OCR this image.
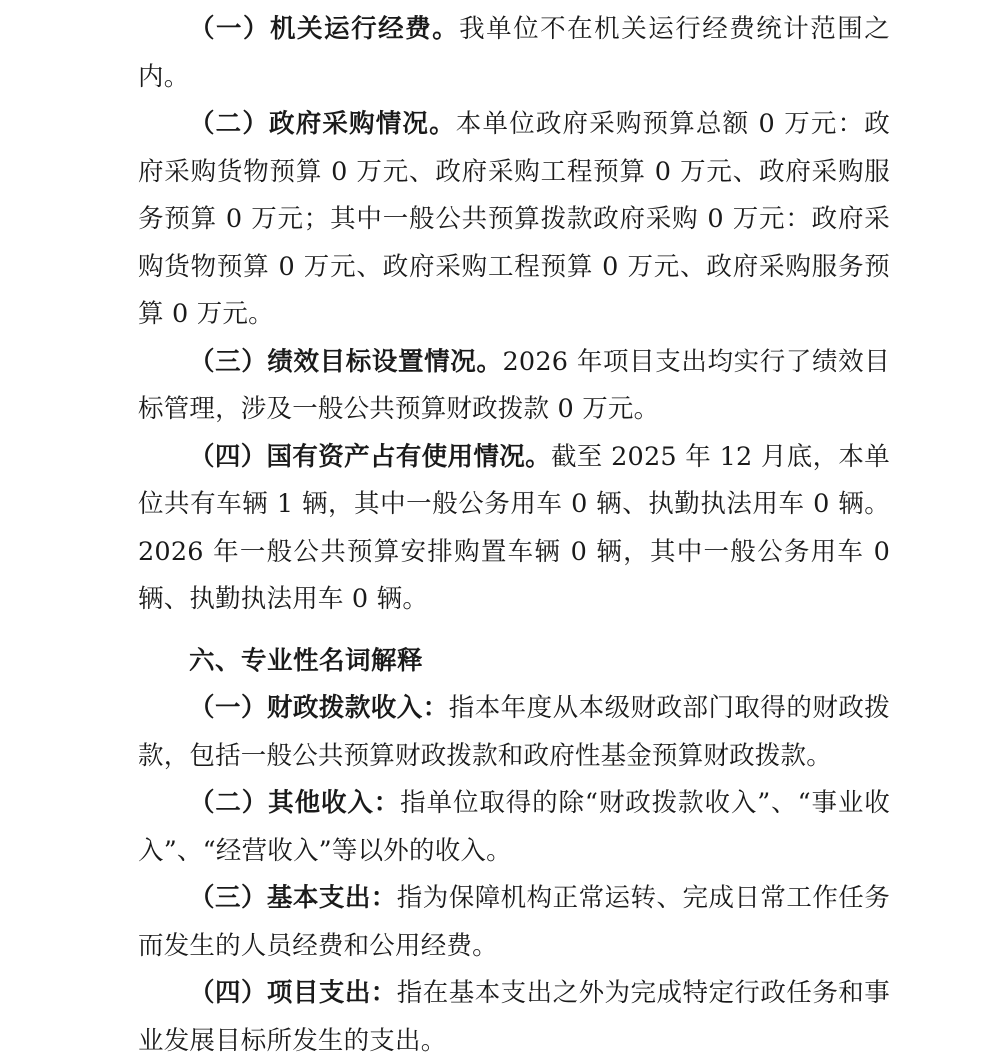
（一）机关运行经费。我单位不在机关运行经费统计范围之内。

（二）政府采购情况。本单位政府采购预算总额 0 万元：政府采购货物预算 0 万元、政府采购工程预算 0 万元、政府采购服务预算 0 万元；其中一般公共预算拨款政府采购 0 万元：政府采购货物预算 0 万元、政府采购工程预算 0 万元、政府采购服务预算 0 万元。

（三）绩效目标设置情况。2026 年项目支出均实行了绩效目标管理，涉及一般公共预算财政拨款 0 万元。

（四）国有资产占有使用情况。截至 2025 年 12 月底，本单位共有车辆 1 辆，其中一般公务用车 0 辆、执勤执法用车 0 辆。2026 年一般公共预算安排购置车辆 0 辆，其中一般公务用车 0 辆、执勤执法用车 0 辆。

六、专业性名词解释

（一）财政拨款收入：指本年度从本级财政部门取得的财政拨款，包括一般公共预算财政拨款和政府性基金预算财政拨款。

（二）其他收入：指单位取得的除“财政拨款收入”、“事业收入”、“经营收入”等以外的收入。

（三）基本支出：指为保障机构正常运转、完成日常工作任务而发生的人员经费和公用经费。

（四）项目支出：指在基本支出之外为完成特定行政任务和事业发展目标所发生的支出。
